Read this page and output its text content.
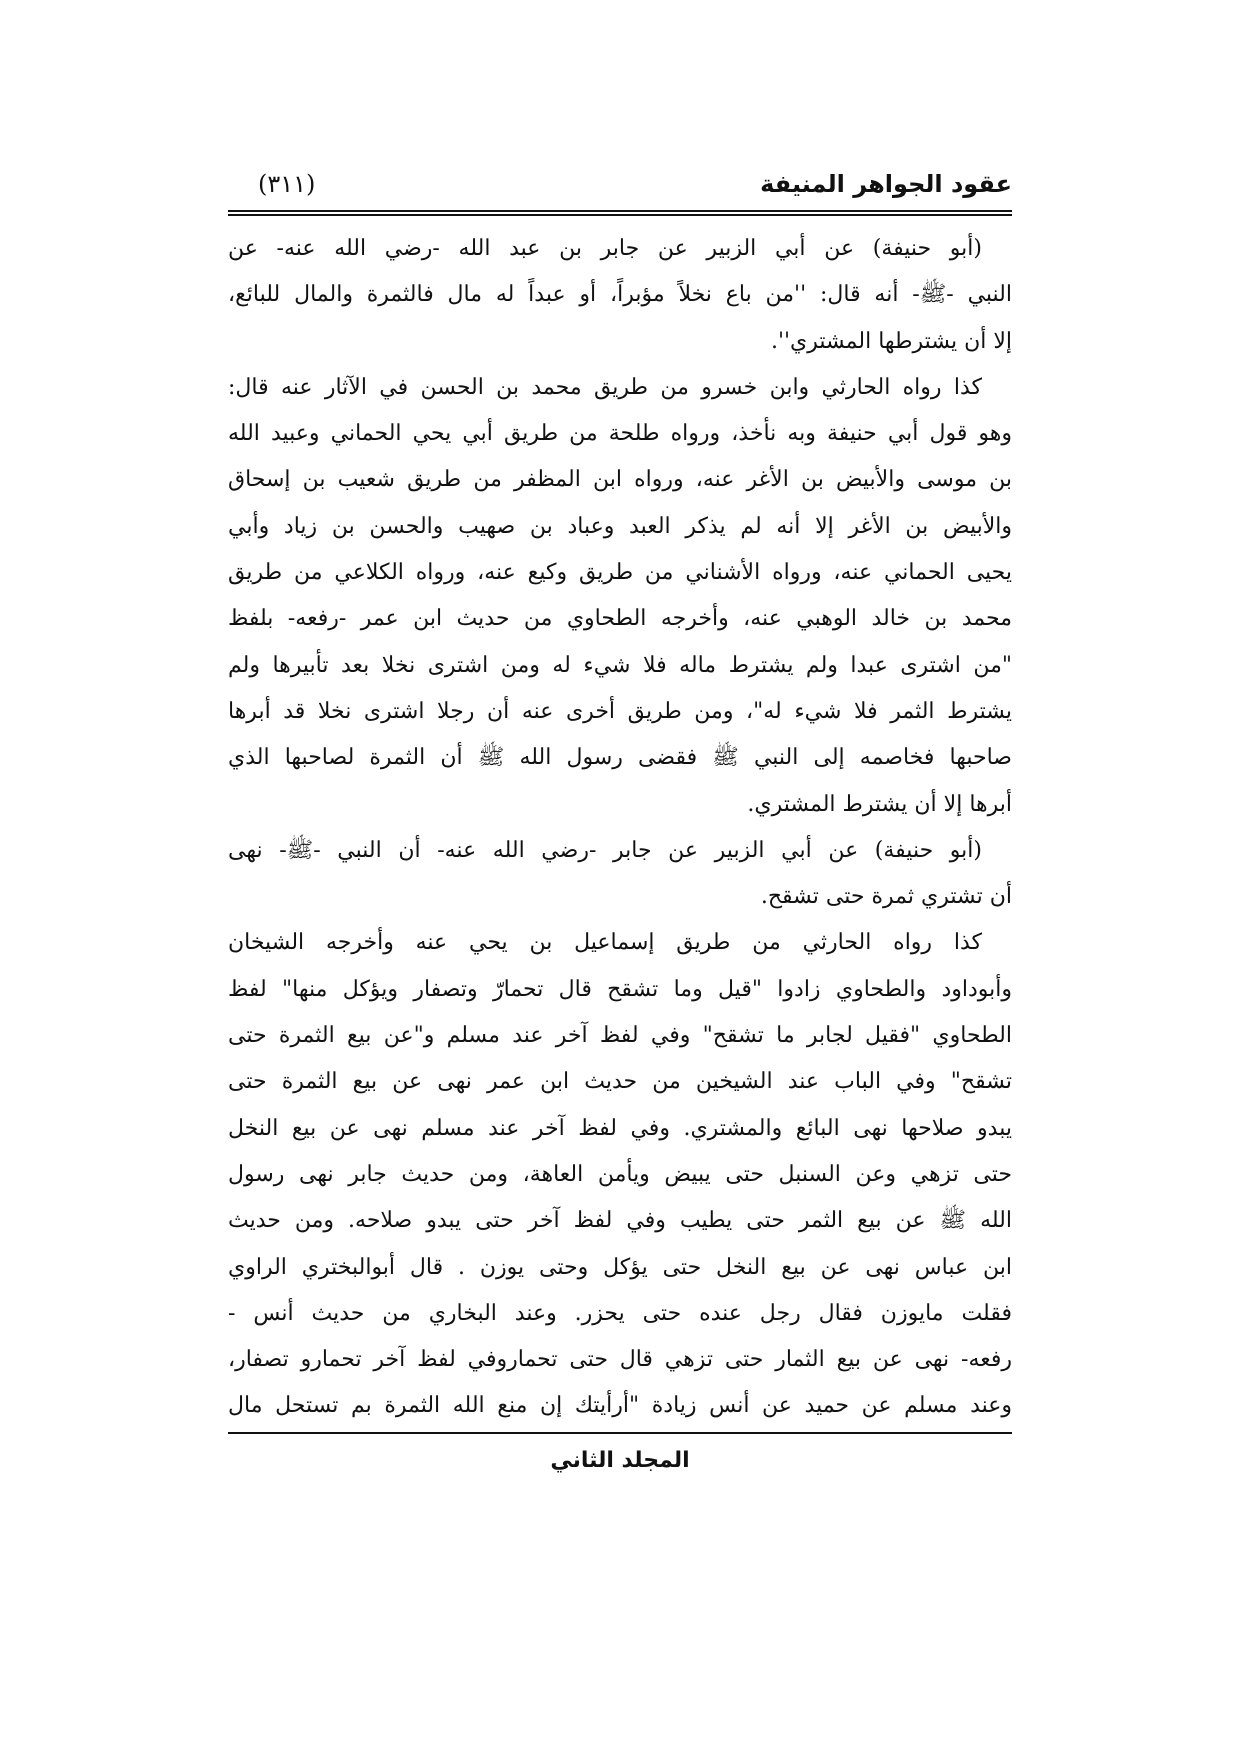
عقود الجواهر المنيفة
(٣١١)
(أبو حنيفة) عن أبي الزبير عن جابر بن عبد الله -رضي الله عنه- عن
النبي -ﷺ- أنه قال: ''من باع نخلاً مؤبراً، أو عبداً له مال فالثمرة والمال للبائع،
إلا أن يشترطها المشتري''.
كذا رواه الحارثي وابن خسرو من طريق محمد بن الحسن في الآثار عنه قال:
وهو قول أبي حنيفة وبه نأخذ، ورواه طلحة من طريق أبي يحي الحماني وعبيد الله
بن موسى والأبيض بن الأغر عنه، ورواه ابن المظفر من طريق شعيب بن إسحاق
والأبيض بن الأغر إلا أنه لم يذكر العبد وعباد بن صهيب والحسن بن زياد وأبي
يحيى الحماني عنه، ورواه الأشناني من طريق وكيع عنه، ورواه الكلاعي من طريق
محمد بن خالد الوهبي عنه، وأخرجه الطحاوي من حديث ابن عمر -رفعه- بلفظ
"من اشترى عبدا ولم يشترط ماله فلا شيء له ومن اشترى نخلا بعد تأبيرها ولم
يشترط الثمر فلا شيء له"، ومن طريق أخرى عنه أن رجلا اشترى نخلا قد أبرها
صاحبها فخاصمه إلى النبي ﷺ فقضى رسول الله ﷺ أن الثمرة لصاحبها الذي
أبرها إلا أن يشترط المشتري.
(أبو حنيفة) عن أبي الزبير عن جابر -رضي الله عنه- أن النبي -ﷺ- نهى
أن تشتري ثمرة حتى تشقح.
كذا رواه الحارثي من طريق إسماعيل بن يحي عنه وأخرجه الشيخان
وأبوداود والطحاوي زادوا "قيل وما تشقح قال تحمارّ وتصفار ويؤكل منها" لفظ
الطحاوي "فقيل لجابر ما تشقح" وفي لفظ آخر عند مسلم و"عن بيع الثمرة حتى
تشقح" وفي الباب عند الشيخين من حديث ابن عمر نهى عن بيع الثمرة حتى
يبدو صلاحها نهى البائع والمشتري. وفي لفظ آخر عند مسلم نهى عن بيع النخل
حتى تزهي وعن السنبل حتى يبيض ويأمن العاهة، ومن حديث جابر نهى رسول
الله ﷺ عن بيع الثمر حتى يطيب وفي لفظ آخر حتى يبدو صلاحه. ومن حديث
ابن عباس نهى عن بيع النخل حتى يؤكل وحتى يوزن . قال أبوالبختري الراوي
فقلت مايوزن فقال رجل عنده حتى يحزر. وعند البخاري من حديث أنس -
رفعه- نهى عن بيع الثمار حتى تزهي قال حتى تحماروفي لفظ آخر تحمارو تصفار،
وعند مسلم عن حميد عن أنس زيادة "أرأيتك إن منع الله الثمرة بم تستحل مال
المجلد الثاني
